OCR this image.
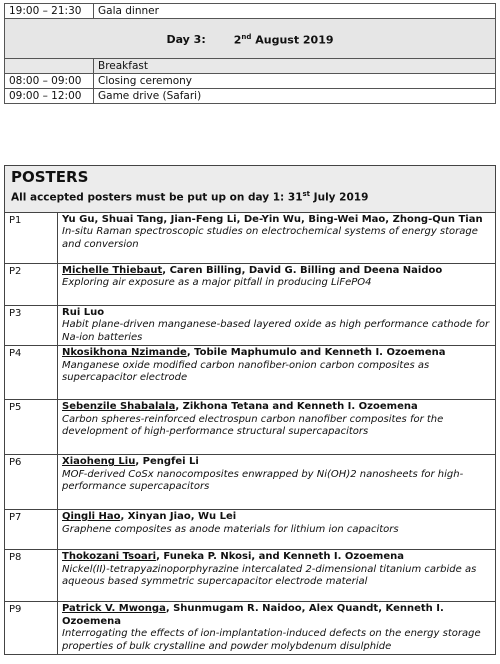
19:00 – 21:30	Gala dinner
Day 3: 2nd August 2019	
	Breakfast
08:00 – 09:00	Closing ceremony
09:00 – 12:00	Game drive (Safari)
POSTERS
All accepted posters must be put up on day 1: 31st July 2019	

P1	Yu Gu, Shuai Tang, Jian-Feng Li, De-Yin Wu, Bing-Wei Mao, Zhong-Qun Tian
In-situ Raman spectroscopic studies on electrochemical systems of energy storage and conversion

P2	Michelle Thiebaut, Caren Billing, David G. Billing and Deena Naidoo
Exploring air exposure as a major pitfall in producing LiFePO4

P3	Rui Luo
Habit plane-driven manganese-based layered oxide as high performance cathode for Na-ion batteries

P4	Nkosikhona Nzimande, Tobile Maphumulo and Kenneth I. Ozoemena
Manganese oxide modified carbon nanofiber-onion carbon composites as supercapacitor electrode

P5	Sebenzile Shabalala, Zikhona Tetana and Kenneth I. Ozoemena
Carbon spheres-reinforced electrospun carbon nanofiber composites for the development of high-performance structural supercapacitors

P6	Xiaoheng Liu, Pengfei Li
MOF-derived CoSx nanocomposites enwrapped by Ni(OH)2 nanosheets for high-performance supercapacitors

P7	Qingli Hao, Xinyan Jiao, Wu Lei
Graphene composites as anode materials for lithium ion capacitors

P8	Thokozani Tsoari, Funeka P. Nkosi, and Kenneth I. Ozoemena
Nickel(II)-tetrapyazinoporphyrazine intercalated 2-dimensional titanium carbide as aqueous based symmetric supercapacitor electrode material

P9	Patrick V. Mwonga, Shunmugam R. Naidoo, Alex Quandt, Kenneth I. Ozoemena
Interrogating the effects of ion-implantation-induced defects on the energy storage properties of bulk crystalline and powder molybdenum disulphide
